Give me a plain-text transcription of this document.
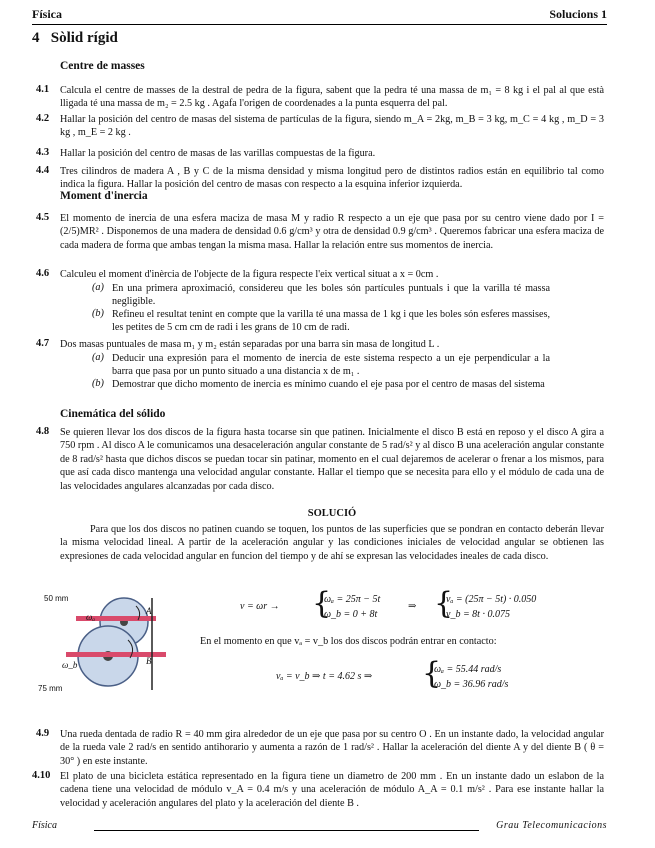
Física	Solucions 1
4 Sòlid rígid
Centre de masses
4.1 Calcula el centre de masses de la destral de pedra de la figura, sabent que la pedra té una massa de m₁ = 8 kg i el pal al que està lligada té una massa de m₂ = 2.5 kg . Agafa l'origen de coordenades a la punta esquerra del pal.
4.2 Hallar la posición del centro de masas del sistema de partículas de la figura, siendo m_A = 2kg, m_B = 3 kg, m_C = 4 kg , m_D = 3 kg , m_E = 2 kg .
4.3 Hallar la posición del centro de masas de las varillas compuestas de la figura.
4.4 Tres cilindros de madera A , B y C de la misma densidad y misma longitud pero de distintos radios están en equilibrio tal como indica la figura. Hallar la posición del centro de masas con respecto a la esquina inferior izquierda.
Moment d'inercia
4.5 El momento de inercia de una esfera maciza de masa M y radio R respecto a un eje que pasa por su centro viene dado por I = (2/5)MR² . Disponemos de una madera de densidad 0.6 g/cm³ y otra de densidad 0.9 g/cm³ . Queremos fabricar una esfera maciza de cada madera de forma que ambas tengan la misma masa. Hallar la relación entre sus momentos de inercia.
4.6 Calculeu el moment d'inèrcia de l'objecte de la figura respecte l'eix vertical situat a x = 0cm .
(a) En una primera aproximació, considereu que les boles són partícules puntuals i que la varilla té massa negligible.
(b) Refineu el resultat tenint en compte que la varilla té una massa de 1 kg i que les boles són esferes massises, les petites de 5 cm cm de radi i les grans de 10 cm de radi.
4.7 Dos masas puntuales de masa m₁ y m₂ están separadas por una barra sin masa de longitud L .
(a) Deducir una expresión para el momento de inercia de este sistema respecto a un eje perpendicular a la barra que pasa por un punto situado a una distancia x de m₁ .
(b) Demostrar que dicho momento de inercia es mínimo cuando el eje pasa por el centro de masas del sistema
Cinemática del sólido
4.8 Se quieren llevar los dos discos de la figura hasta tocarse sin que patinen. Inicialmente el disco B está en reposo y el disco A gira a 750 rpm . Al disco A le comunicamos una desaceleración angular constante de 5 rad/s² y al disco B una aceleración angular constante de 8 rad/s² hasta que dichos discos se puedan tocar sin patinar, momento en el cual dejaremos de acelerar o frenar a los mismos, para que así cada disco mantenga una velocidad angular constante. Hallar el tiempo que se necesita para ello y el módulo de cada una de las velocidades angulares alcanzadas por cada disco.
SOLUCIÓ
Para que los dos discos no patinen cuando se toquen, los puntos de las superficies que se pondran en contacto deberán llevar la misma velocidad lineal. A partir de la aceleración angular y las condiciones iniciales de velocidad angular se obtienen las expresiones de cada velocidad angular en funcion del tiempo y de ahí se expresan las velocidades ineales de cada disco.
50 mm
75 mm
ωₐ
ω_b
A
B
v = ωr → {
ωₐ = 25π − 5t
ω_b = 0 + 8t
⇒ {
vₐ = (25π − 5t) · 0.050
v_b = 8t · 0.075
En el momento en que vₐ = v_b los dos discos podrán entrar en contacto:
vₐ = v_b ⇒ t = 4.62 s ⇒ {
ωₐ = 55.44 rad/s
ω_b = 36.96 rad/s
4.9 Una rueda dentada de radio R = 40 mm gira alrededor de un eje que pasa por su centro O . En un instante dado, la velocidad angular de la rueda vale 2 rad/s en sentido antihorario y aumenta a razón de 1 rad/s² . Hallar la aceleración del diente A y del diente B ( θ = 30° ) en este instante.
4.10 El plato de una bicicleta estática representado en la figura tiene un diametro de 200 mm . En un instante dado un eslabon de la cadena tiene una velocidad de módulo v_A = 0.4 m/s y una aceleración de módulo A_A = 0.1 m/s² . Para ese instante hallar la velocidad y aceleración angulares del plato y la aceleración del diente B .
Física	Grau Telecomunicacions
